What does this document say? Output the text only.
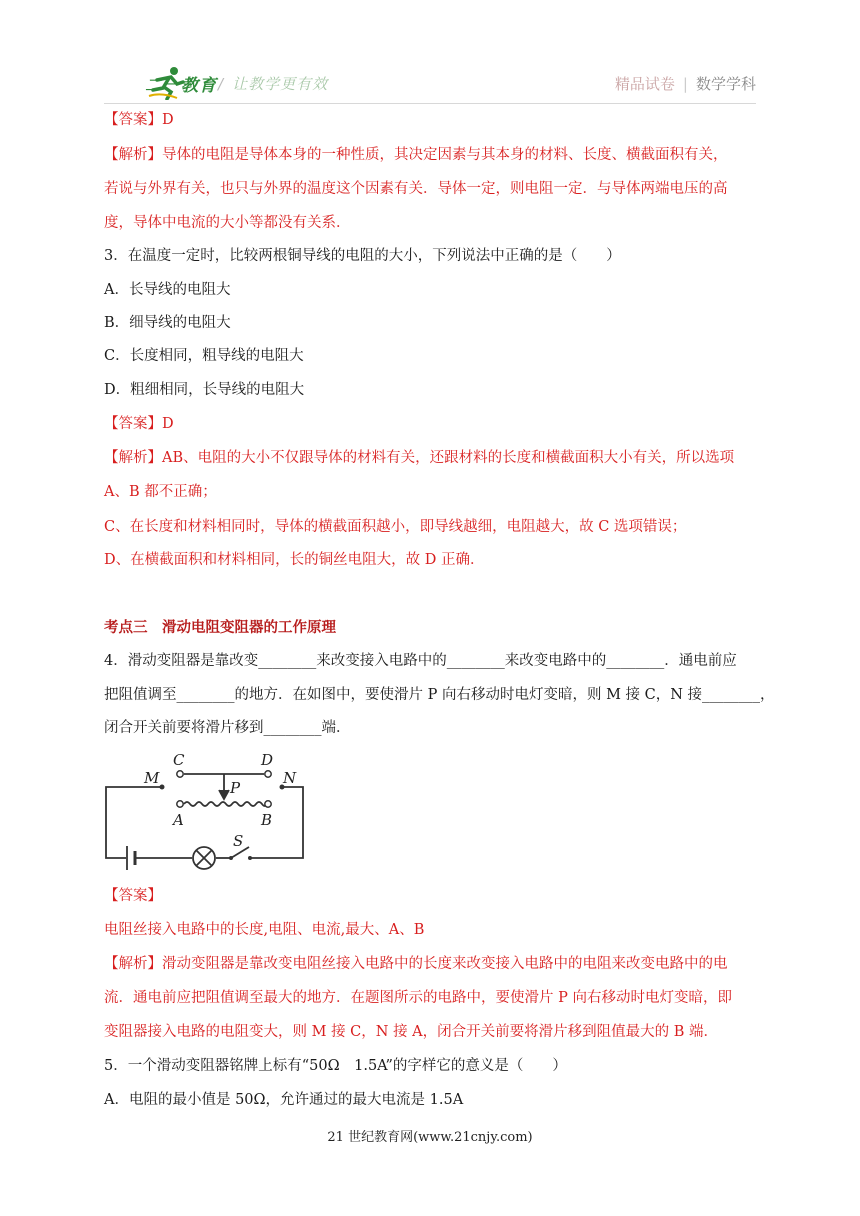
二一教育 / 让教学更有效	精品试卷 | 数学学科
【答案】D
【解析】导体的电阻是导体本身的一种性质，其决定因素与其本身的材料、长度、横截面积有关，
若说与外界有关，也只与外界的温度这个因素有关．导体一定，则电阻一定．与导体两端电压的高
度，导体中电流的大小等都没有关系．
3．在温度一定时，比较两根铜导线的电阻的大小，下列说法中正确的是（　　）
A．长导线的电阻大
B．细导线的电阻大
C．长度相同，粗导线的电阻大
D．粗细相同，长导线的电阻大
【答案】D
【解析】AB、电阻的大小不仅跟导体的材料有关，还跟材料的长度和横截面积大小有关，所以选项
A、B 都不正确；
C、在长度和材料相同时，导体的横截面积越小，即导线越细，电阻越大，故 C 选项错误；
D、在横截面积和材料相同，长的铜丝电阻大，故 D 正确．
考点三　滑动电阻变阻器的工作原理
4．滑动变阻器是靠改变________来改变接入电路中的________来改变电路中的________．通电前应
把阻值调至________的地方．在如图中，要使滑片 P 向右移动时电灯变暗，则 M 接 C，N 接________，
闭合开关前要将滑片移到________端．
M
C	D
N
P
A	B
S
【答案】
电阻丝接入电路中的长度,电阻、电流,最大、A、B
【解析】滑动变阻器是靠改变电阻丝接入电路中的长度来改变接入电路中的电阻来改变电路中的电
流．通电前应把阻值调至最大的地方．在题图所示的电路中，要使滑片 P 向右移动时电灯变暗，即
变阻器接入电路的电阻变大，则 M 接 C，N 接 A，闭合开关前要将滑片移到阻值最大的 B 端．
5．一个滑动变阻器铭牌上标有“50Ω　1.5A”的字样它的意义是（　　）
A．电阻的最小值是 50Ω，允许通过的最大电流是 1.5A
21 世纪教育网(www.21cnjy.com)
